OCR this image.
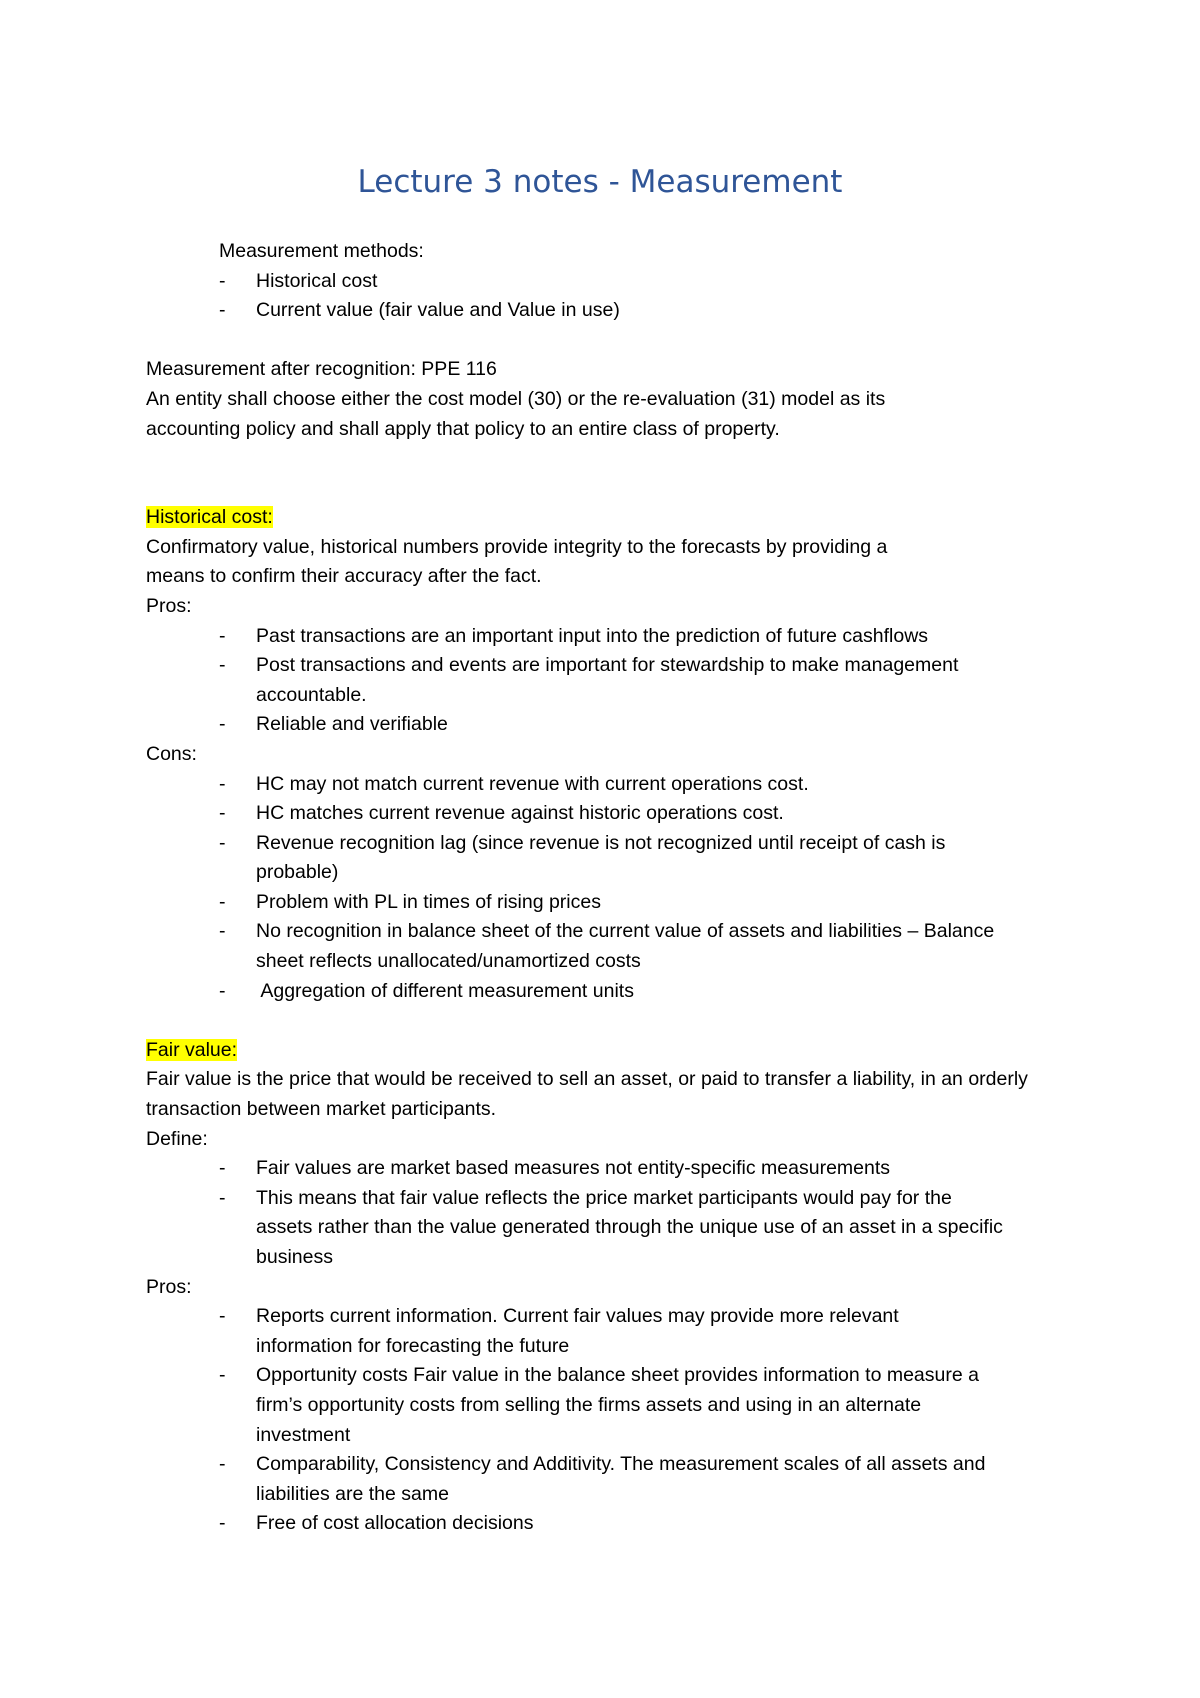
Lecture 3 notes - Measurement
Measurement methods:
- Historical cost
- Current value (fair value and Value in use)
Measurement after recognition: PPE 116
An entity shall choose either the cost model (30) or the re-evaluation (31) model as its accounting policy and shall apply that policy to an entire class of property.
Historical cost:
Confirmatory value, historical numbers provide integrity to the forecasts by providing a means to confirm their accuracy after the fact.
Pros:
- Past transactions are an important input into the prediction of future cashflows
- Post transactions and events are important for stewardship to make management accountable.
- Reliable and verifiable
Cons:
- HC may not match current revenue with current operations cost.
- HC matches current revenue against historic operations cost.
- Revenue recognition lag (since revenue is not recognized until receipt of cash is probable)
- Problem with PL in times of rising prices
- No recognition in balance sheet of the current value of assets and liabilities – Balance sheet reflects unallocated/unamortized costs
- Aggregation of different measurement units
Fair value:
Fair value is the price that would be received to sell an asset, or paid to transfer a liability, in an orderly transaction between market participants.
Define:
- Fair values are market based measures not entity-specific measurements
- This means that fair value reflects the price market participants would pay for the assets rather than the value generated through the unique use of an asset in a specific business
Pros:
- Reports current information. Current fair values may provide more relevant information for forecasting the future
- Opportunity costs Fair value in the balance sheet provides information to measure a firm’s opportunity costs from selling the firms assets and using in an alternate investment
- Comparability, Consistency and Additivity. The measurement scales of all assets and liabilities are the same
- Free of cost allocation decisions
